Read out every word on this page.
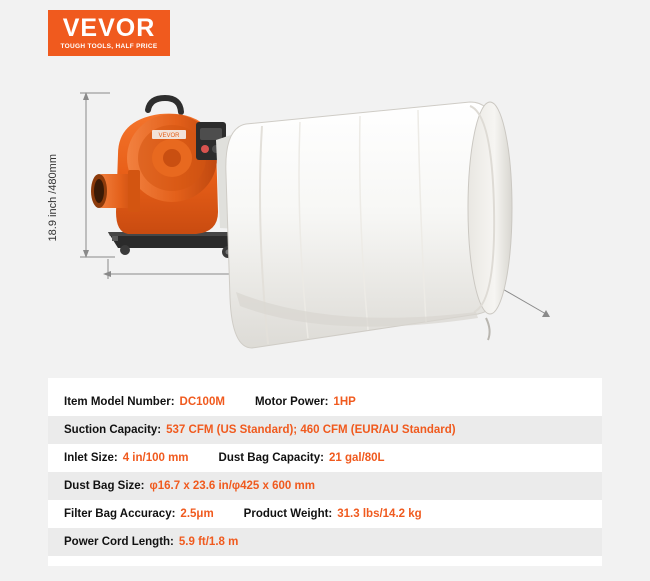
VEVOR
TOUGH TOOLS, HALF PRICE
VEVOR
18.9 inch /480mm
Item Model Number: DC100M	Motor Power: 1HP
Suction Capacity: 537 CFM (US Standard); 460 CFM (EUR/AU Standard)
Inlet Size: 4 in/100 mm	Dust Bag Capacity: 21 gal/80L
Dust Bag Size: φ16.7 x 23.6 in/φ425 x 600 mm
Filter Bag Accuracy: 2.5μm	Product Weight: 31.3 lbs/14.2 kg
Power Cord Length: 5.9 ft/1.8 m
